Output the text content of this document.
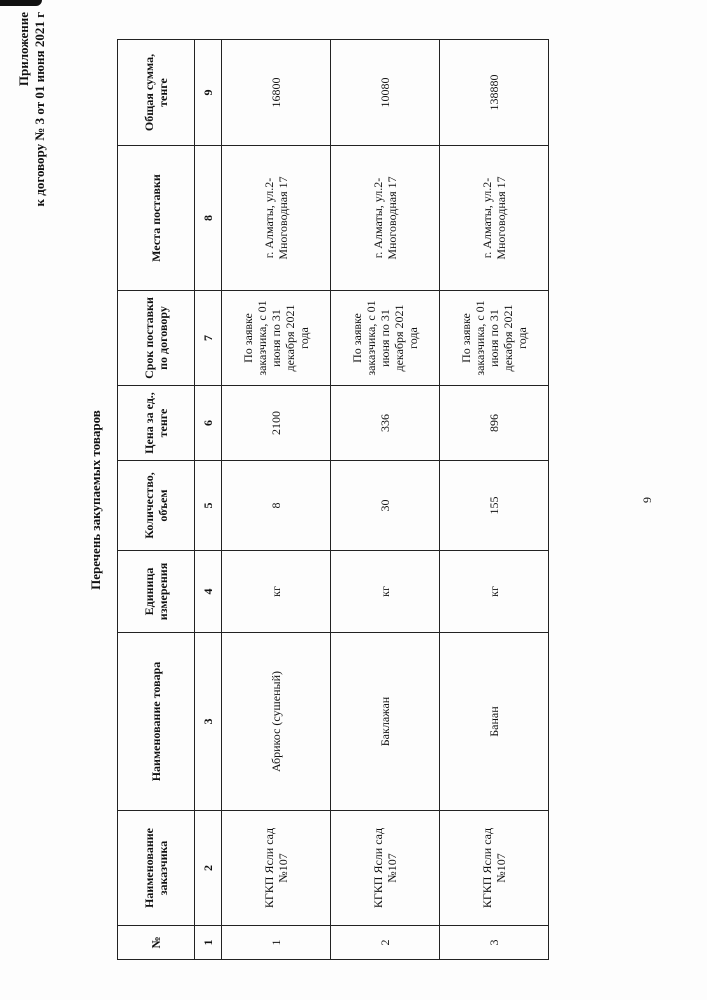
Приложение к договору № 3 от 01 июня 2021 г
Перечень закупаемых товаров
№	Наименование заказчика	Наименование товара	Единица измерения	Количество, объем	Цена за ед., тенге	Срок поставки по договору	Места поставки	Общая сумма, тенге
1	2	3	4	5	6	7	8	9
1	КГКП Ясли сад №107	Абрикос (сушеный)	кг	8	2100	По заявке заказчика, с 01 июня по 31 декабря 2021 года	г. Алматы, ул.2-Многоводная 17	16800
2	КГКП Ясли сад №107	Баклажан	кг	30	336	По заявке заказчика, с 01 июня по 31 декабря 2021 года	г. Алматы, ул.2-Многоводная 17	10080
3	КГКП Ясли сад №107	Банан	кг	155	896	По заявке заказчика, с 01 июня по 31 декабря 2021 года	г. Алматы, ул.2-Многоводная 17	138880
9
